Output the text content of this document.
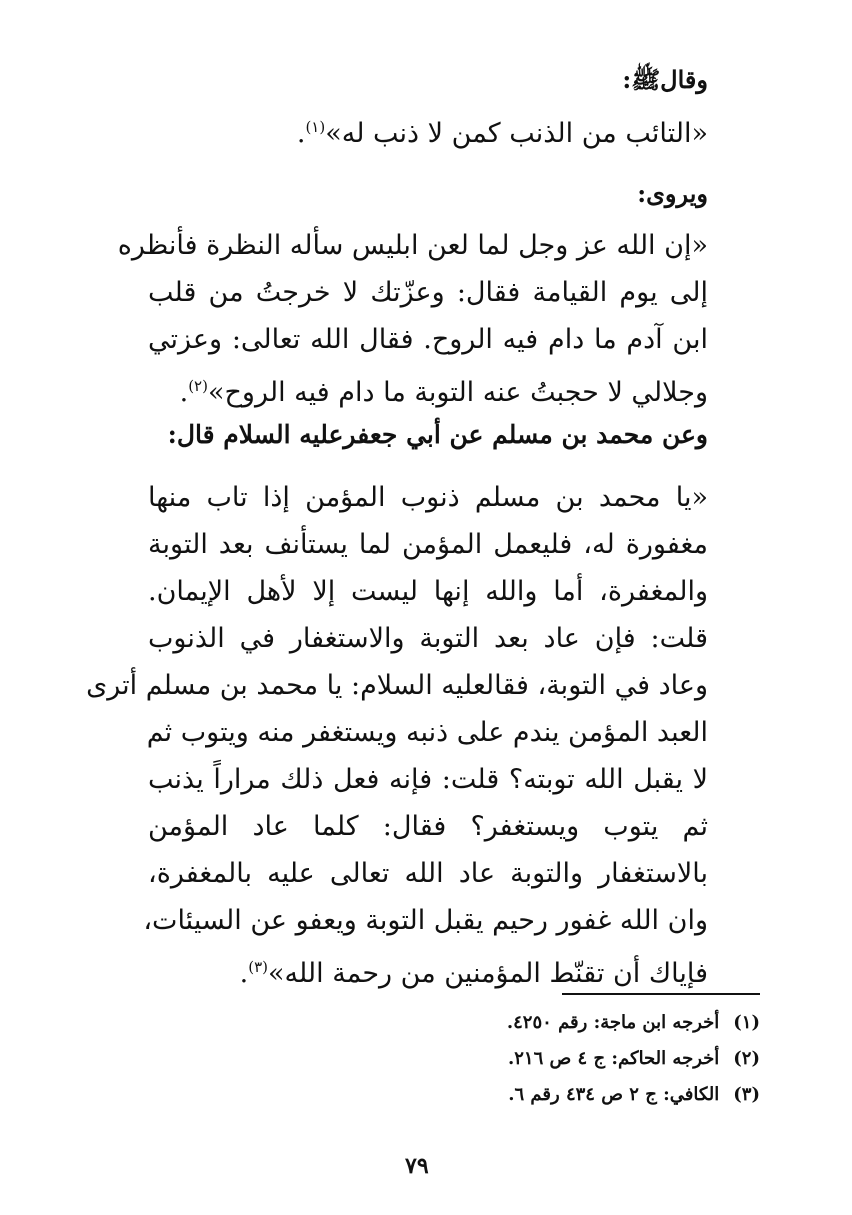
وقالﷺ:
«التائب من الذنب كمن لا ذنب له»$^{(١)}$.
ويروى:
«إن الله عز وجل لما لعن ابليس سأله النظرة فأنظره
إلى يوم القيامة فقال: وعزّتك لا خرجتُ من قلب
ابن آدم ما دام فيه الروح. فقال الله تعالى: وعزتي
وجلالي لا حجبتُ عنه التوبة ما دام فيه الروح»$^{(٢)}$.
وعن محمد بن مسلم عن أبي جعفرعليه السلام قال:
«يا محمد بن مسلم ذنوب المؤمن إذا تاب منها
مغفورة له، فليعمل المؤمن لما يستأنف بعد التوبة
والمغفرة، أما والله إنها ليست إلا لأهل الإيمان.
قلت: فإن عاد بعد التوبة والاستغفار في الذنوب
وعاد في التوبة، فقالعليه السلام: يا محمد بن مسلم أترى
العبد المؤمن يندم على ذنبه ويستغفر منه ويتوب ثم
لا يقبل الله توبته؟ قلت: فإنه فعل ذلك مراراً يذنب
ثم يتوب ويستغفر؟ فقال: كلما عاد المؤمن
بالاستغفار والتوبة عاد الله تعالى عليه بالمغفرة،
وان الله غفور رحيم يقبل التوبة ويعفو عن السيئات،
فإياك أن تقنّط المؤمنين من رحمة الله»$^{(٣)}$.
(١)أخرجه ابن ماجة: رقم ٤٢٥٠.
(٢)أخرجه الحاكم: ج ٤ ص ٢١٦.
(٣)الكافي: ج ٢ ص ٤٣٤ رقم ٦.
٧٩
